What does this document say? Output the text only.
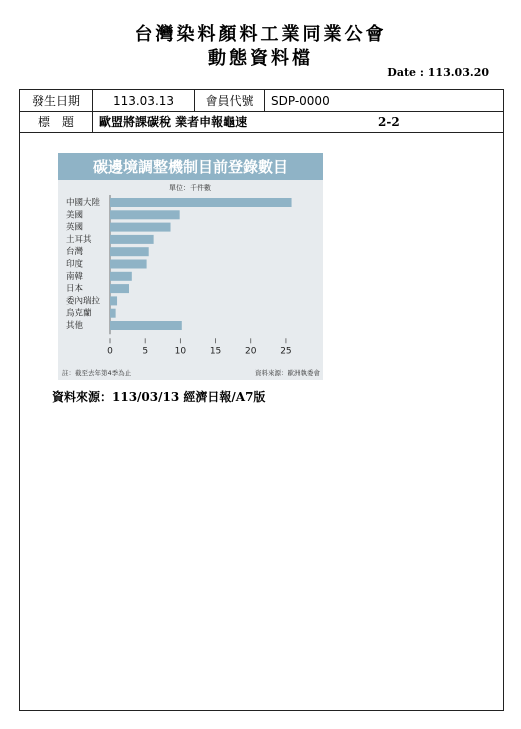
台灣染料顏料工業同業公會
動態資料檔
Date : 113.03.20
發生日期	113.03.13	會員代號	SDP-0000
標　題	歐盟將課碳稅 業者申報龜速	2-2
碳邊境調整機制目前登錄數目
單位：千件數
註：截至去年第4季為止	資料來源：歐洲執委會
中國大陸
美國
英國
土耳其
台灣
印度
南韓
日本
委內瑞拉
烏克蘭
其他
0	5	10	15	20	25
資料來源：113/03/13 經濟日報/A7版
